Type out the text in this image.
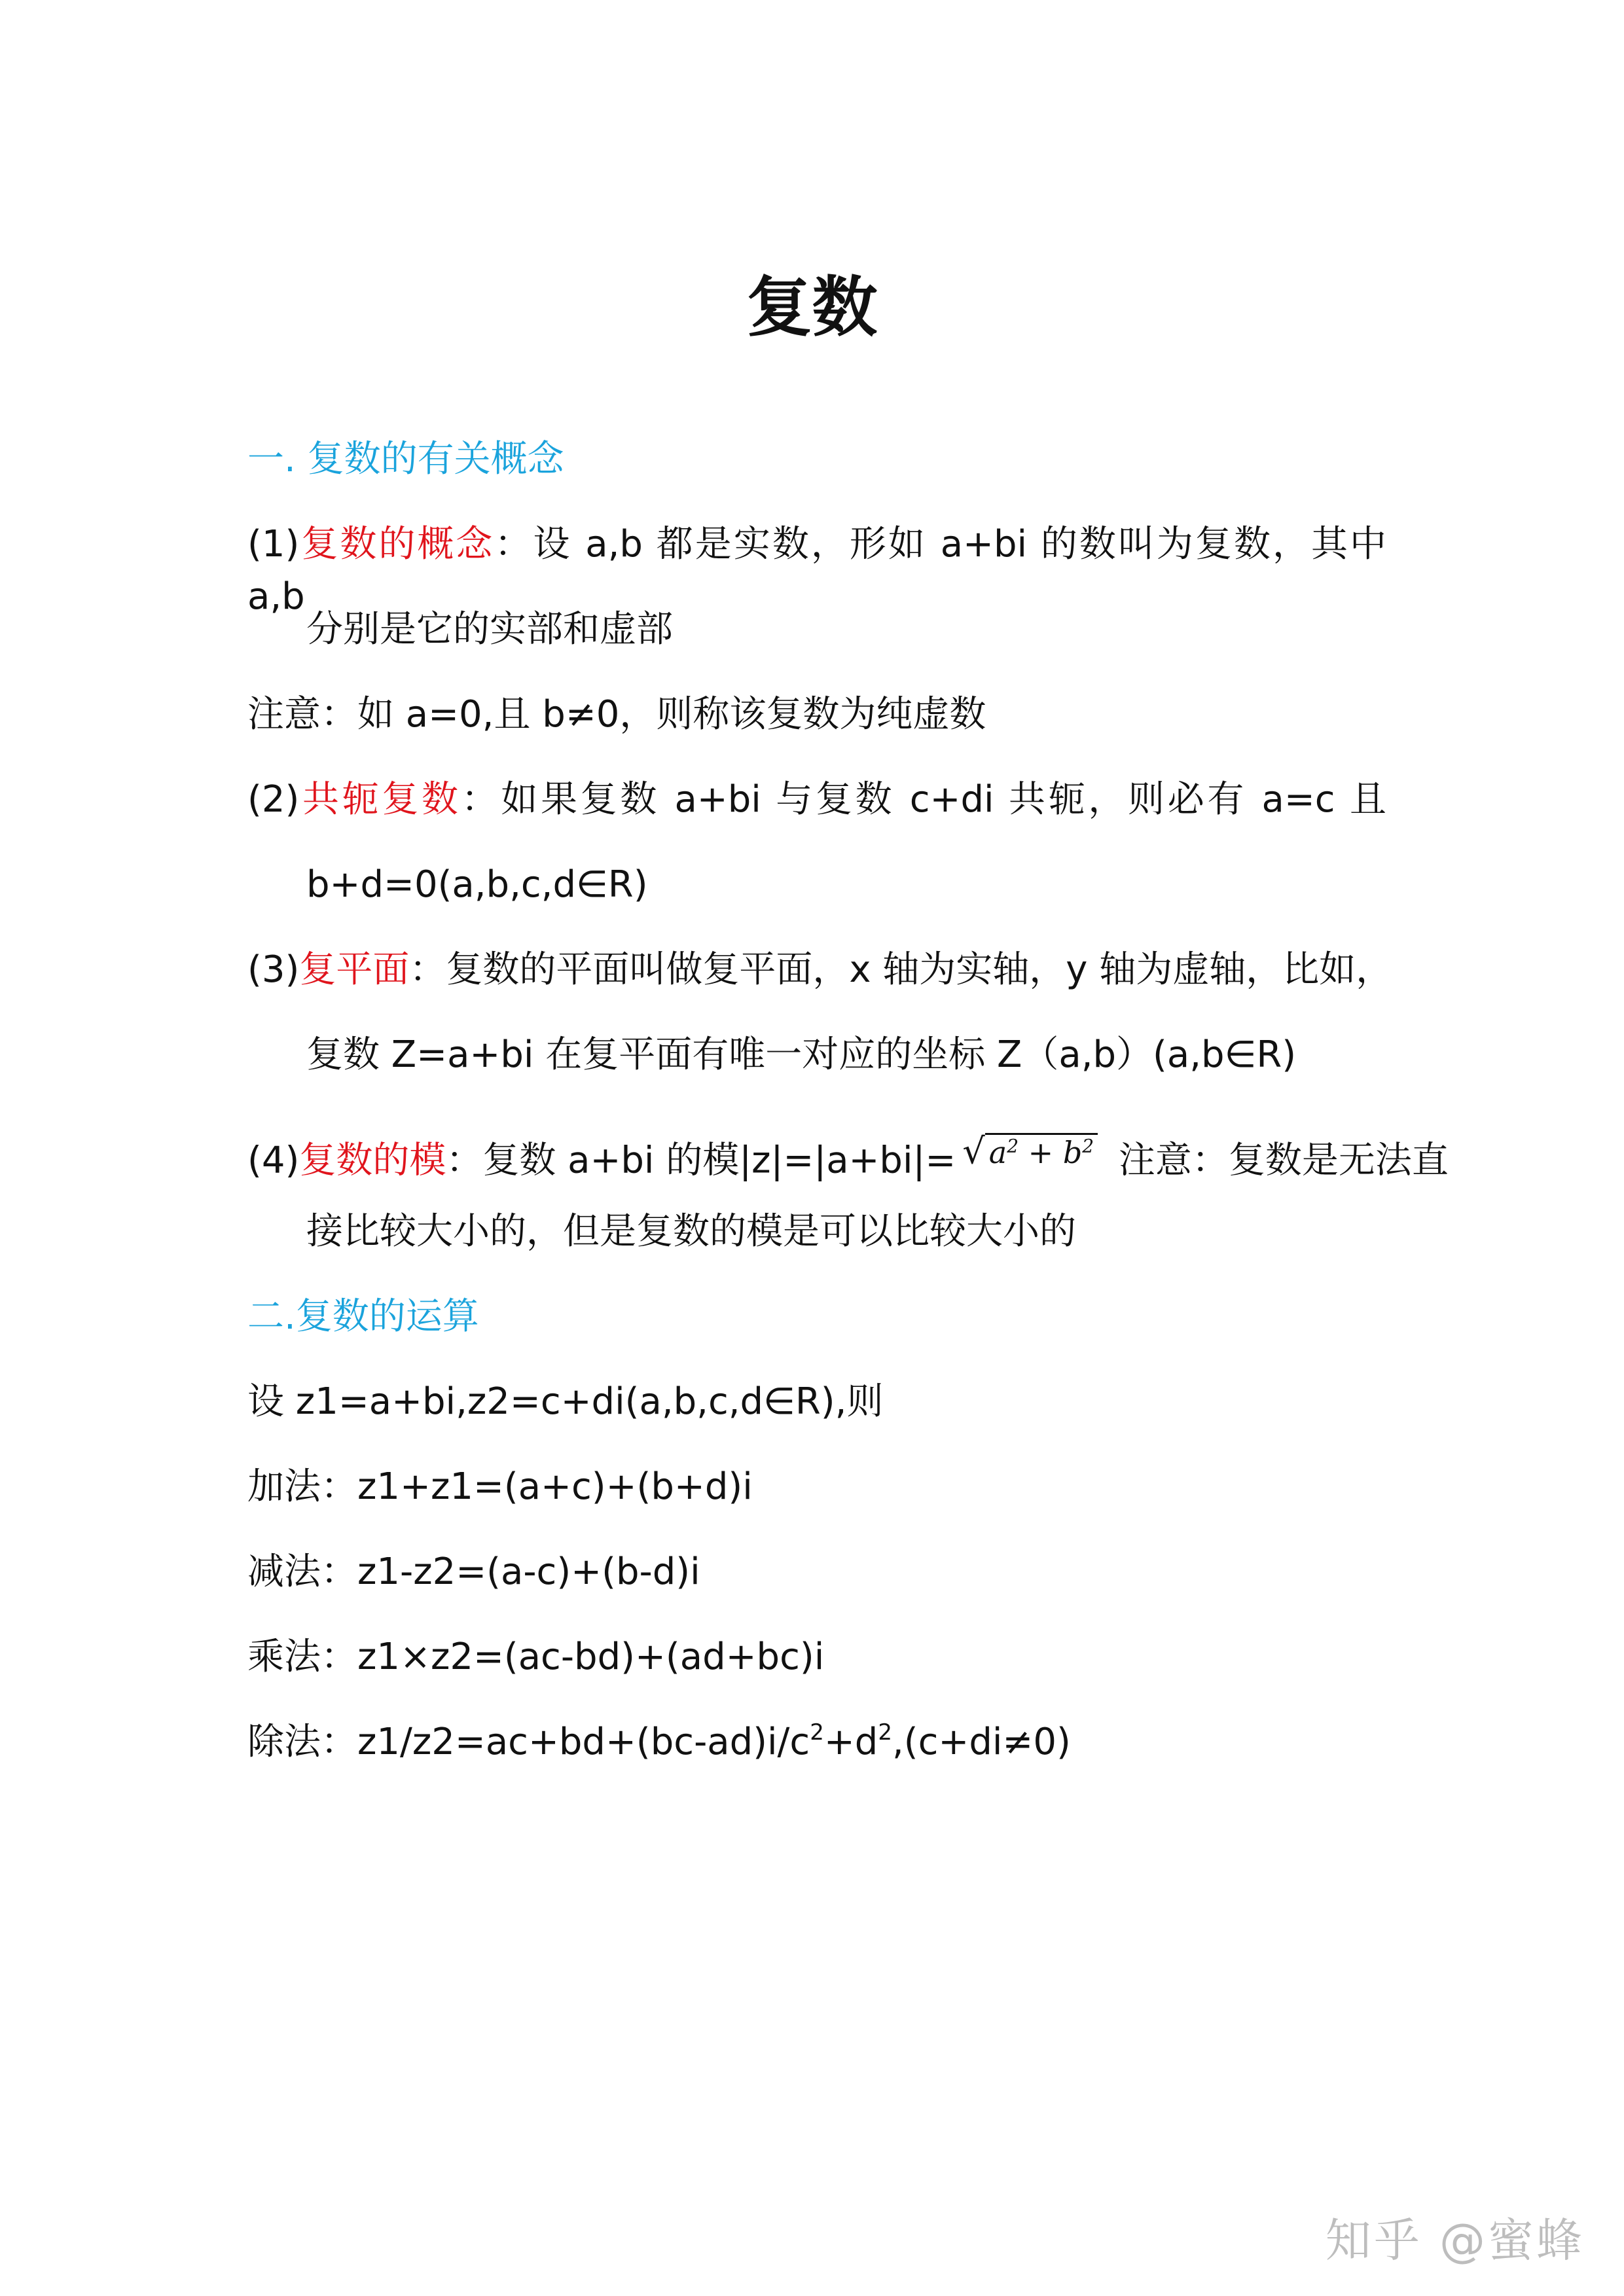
复数
一. 复数的有关概念
(1)复数的概念：设 a,b 都是实数，形如 a+bi 的数叫为复数，其中 a,b
分别是它的实部和虚部
注意：如 a=0,且 b≠0，则称该复数为纯虚数
(2)共轭复数：如果复数 a+bi 与复数 c+di 共轭，则必有 a=c 且
b+d=0(a,b,c,d∈R)
(3)复平面：复数的平面叫做复平面，x 轴为实轴，y 轴为虚轴，比如，
复数 Z=a+bi 在复平面有唯一对应的坐标 Z（a,b）(a,b∈R)
(4)复数的模：复数 a+bi 的模|z|=|a+bi|= √ $a^2 + b^2$ 注意：复数是无法直
接比较大小的，但是复数的模是可以比较大小的
二.复数的运算
设 z1=a+bi,z2=c+di(a,b,c,d∈R),则
加法：z1+z1=(a+c)+(b+d)i
减法：z1-z2=(a-c)+(b-d)i
乘法：z1×z2=(ac-bd)+(ad+bc)i
除法：$z1/z2=ac+bd+(bc-ad)i/c^2+d^2,(c+di\ne 0)$
知乎 @蜜蜂
